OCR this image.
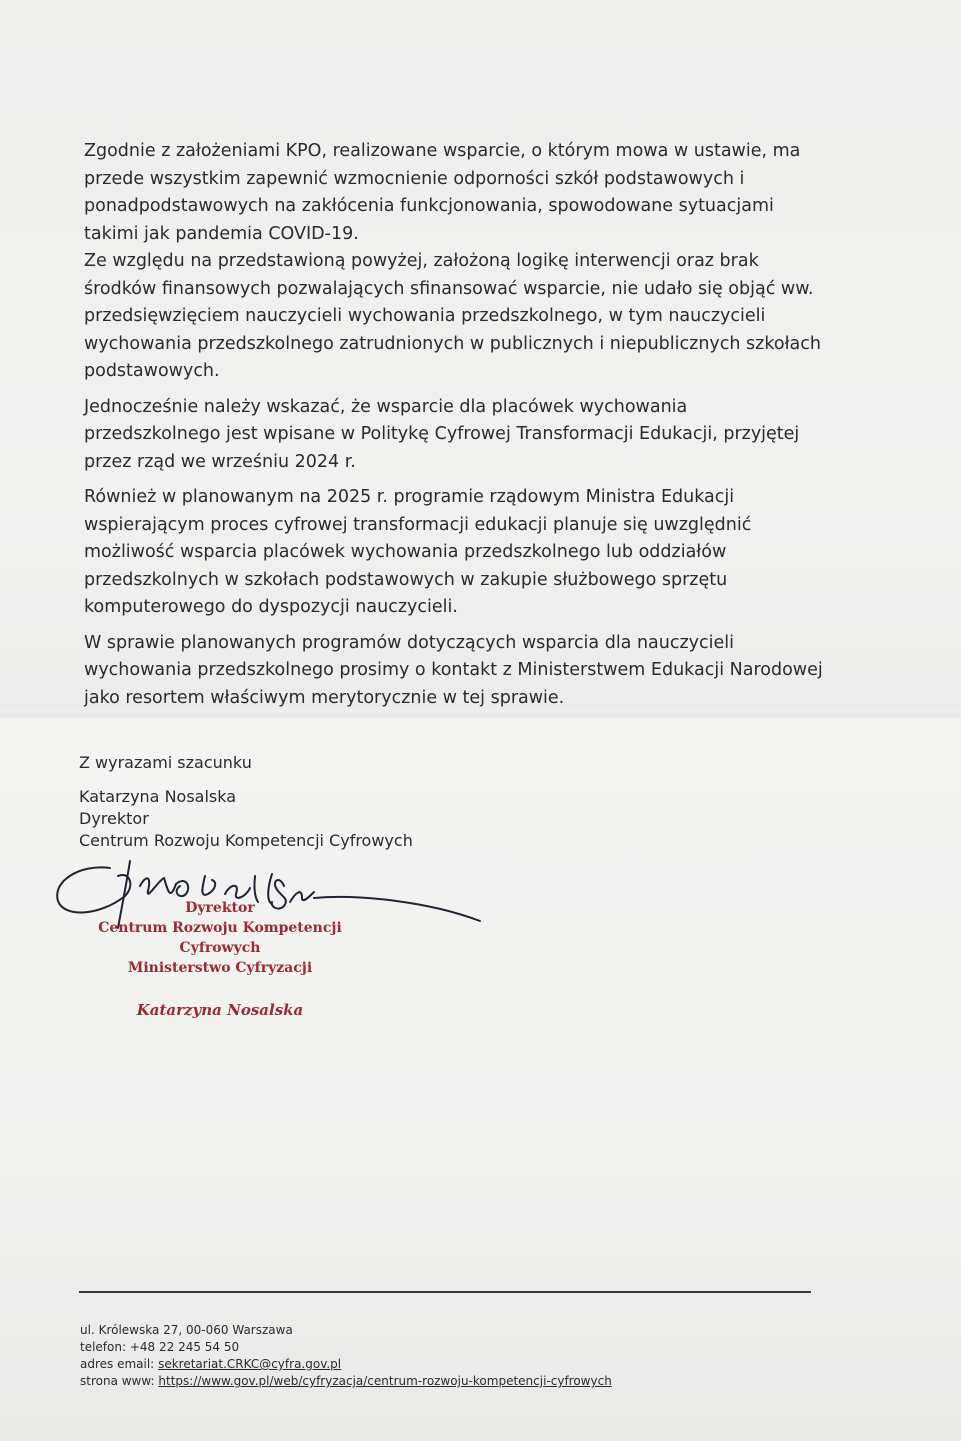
Zgodnie z założeniami KPO, realizowane wsparcie, o którym mowa w ustawie, ma przede wszystkim zapewnić wzmocnienie odporności szkół podstawowych i ponadpodstawowych na zakłócenia funkcjonowania, spowodowane sytuacjami takimi jak pandemia COVID-19.
Ze względu na przedstawioną powyżej, założoną logikę interwencji oraz brak środków finansowych pozwalających sfinansować wsparcie, nie udało się objąć ww. przedsięwzięciem nauczycieli wychowania przedszkolnego, w tym nauczycieli wychowania przedszkolnego zatrudnionych w publicznych i niepublicznych szkołach podstawowych.

Jednocześnie należy wskazać, że wsparcie dla placówek wychowania przedszkolnego jest wpisane w Politykę Cyfrowej Transformacji Edukacji, przyjętej przez rząd we wrześniu 2024 r.

Również w planowanym na 2025 r. programie rządowym Ministra Edukacji wspierającym proces cyfrowej transformacji edukacji planuje się uwzględnić możliwość wsparcia placówek wychowania przedszkolnego lub oddziałów przedszkolnych w szkołach podstawowych w zakupie służbowego sprzętu komputerowego do dyspozycji nauczycieli.

W sprawie planowanych programów dotyczących wsparcia dla nauczycieli wychowania przedszkolnego prosimy o kontakt z Ministerstwem Edukacji Narodowej jako resortem właściwym merytorycznie w tej sprawie.

Z wyrazami szacunku
Katarzyna Nosalska
Dyrektor
Centrum Rozwoju Kompetencji Cyfrowych
Dyrektor
Centrum Rozwoju Kompetencji Cyfrowych
Ministerstwo Cyfryzacji
Katarzyna Nosalska
ul. Królewska 27, 00-060 Warszawa
telefon: +48 22 245 54 50
adres email: sekretariat.CRKC@cyfra.gov.pl
strona www: https://www.gov.pl/web/cyfryzacja/centrum-rozwoju-kompetencji-cyfrowych
